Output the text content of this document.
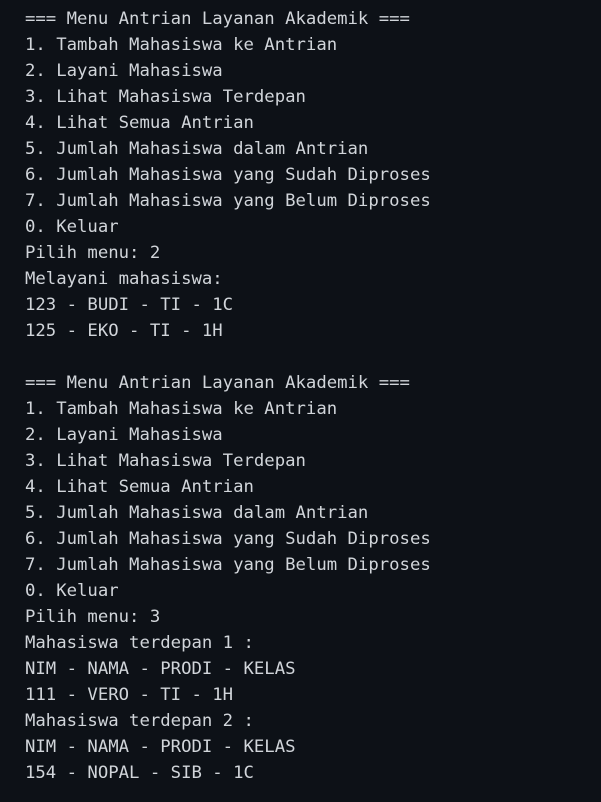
=== Menu Antrian Layanan Akademik ===
1. Tambah Mahasiswa ke Antrian
2. Layani Mahasiswa
3. Lihat Mahasiswa Terdepan
4. Lihat Semua Antrian
5. Jumlah Mahasiswa dalam Antrian
6. Jumlah Mahasiswa yang Sudah Diproses
7. Jumlah Mahasiswa yang Belum Diproses
0. Keluar
Pilih menu: 2
Melayani mahasiswa:
123 - BUDI - TI - 1C
125 - EKO - TI - 1H
=== Menu Antrian Layanan Akademik ===
1. Tambah Mahasiswa ke Antrian
2. Layani Mahasiswa
3. Lihat Mahasiswa Terdepan
4. Lihat Semua Antrian
5. Jumlah Mahasiswa dalam Antrian
6. Jumlah Mahasiswa yang Sudah Diproses
7. Jumlah Mahasiswa yang Belum Diproses
0. Keluar
Pilih menu: 3
Mahasiswa terdepan 1 :
NIM - NAMA - PRODI - KELAS
111 - VERO - TI - 1H
Mahasiswa terdepan 2 :
NIM - NAMA - PRODI - KELAS
154 - NOPAL - SIB - 1C
